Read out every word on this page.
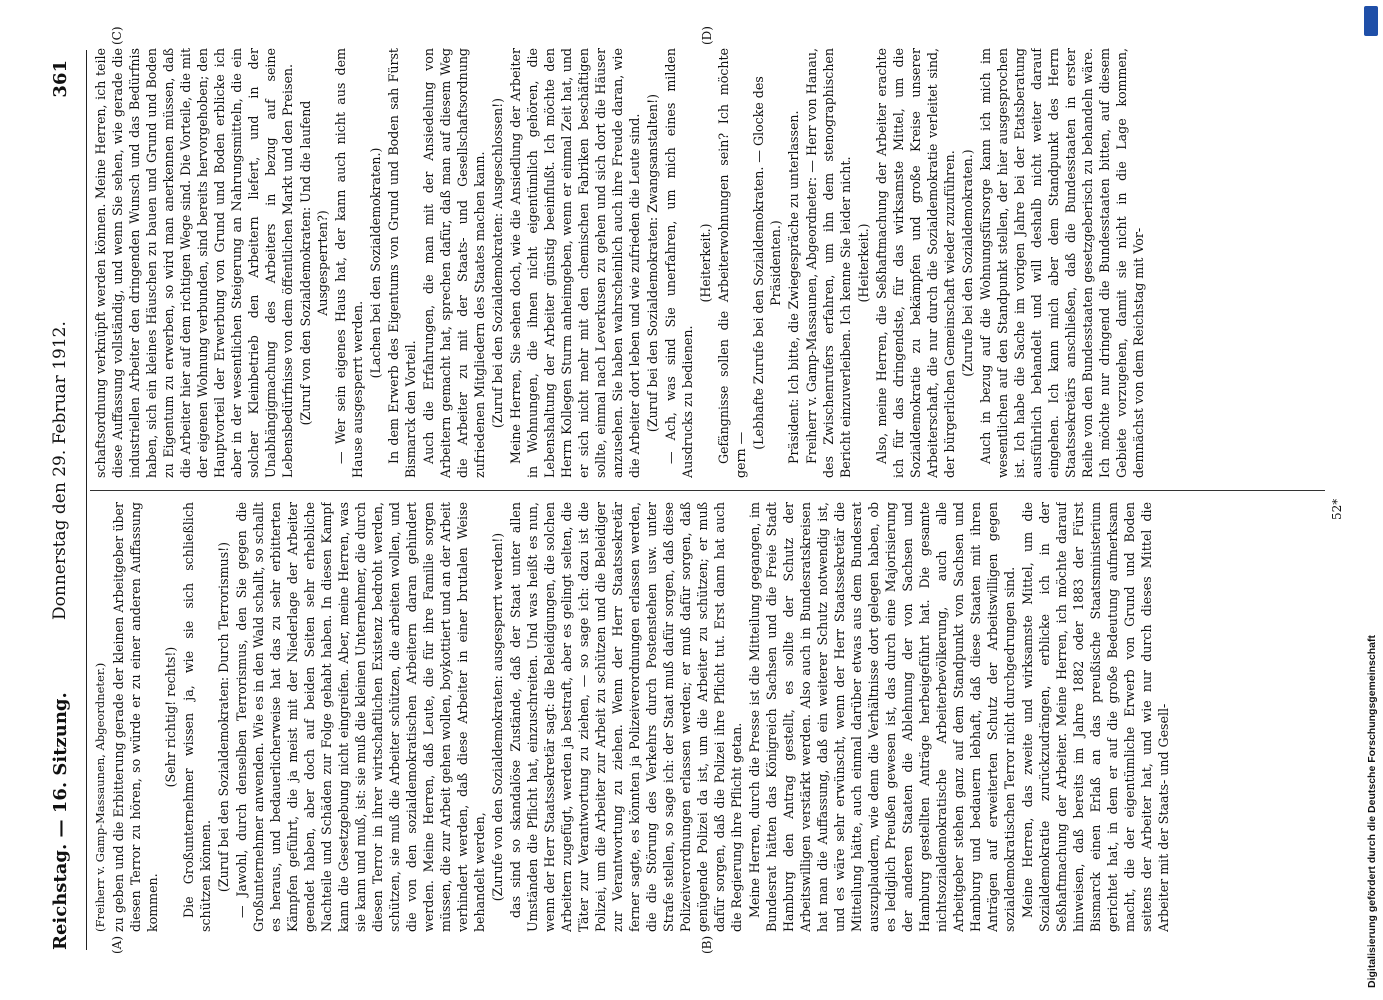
Reichstag. — 16. Sitzung.
Donnerstag den 29. Februar 1912.
361
(A)	(B)
(C)	(D)

(Freiherr v. Gamp-Massaunen, Abgeordneter.) zu geben und die Erbitterung gerade der kleinen Arbeitgeber über diesen Terror zu hören, so würde er zu einer anderen Auffassung kommen.

(Sehr richtig! rechts!) Die Großunternehmer wissen ja, wie sie sich schließlich schützen können. (Zuruf bei den Sozialdemokraten: Durch Terrorismus!) — Jawohl, durch denselben Terrorismus, den Sie gegen die Großunternehmer anwenden. Wie es in den Wald schallt, so schallt es heraus, und bedauerlicherweise hat das zu sehr erbitterten Kämpfen geführt, die ja meist mit der Niederlage der Arbeiter geendet haben, aber doch auf beiden Seiten sehr erhebliche Nachteile und Schäden zur Folge gehabt haben. In diesen Kampf kann die Gesetzgebung nicht eingreifen. Aber, meine Herren, was sie kann und muß, ist: sie muß die kleinen Unternehmer, die durch diesen Terror in ihrer wirtschaftlichen Existenz bedroht werden, schützen, sie muß die Arbeiter schützen, die arbeiten wollen, und die von den sozialdemokratischen Arbeitern daran gehindert werden. Meine Herren, daß Leute, die für ihre Familie sorgen müssen, die zur Arbeit gehen wollen, boykottiert und an der Arbeit verhindert werden, daß diese Arbeiter in einer brutalen Weise behandelt werden, (Zurufe von den Sozialdemokraten: ausgesperrt werden!) das sind so skandalöse Zustände, daß der Staat unter allen Umständen die Pflicht hat, einzuschreiten. Und was heißt es nun, wenn der Herr Staatssekretär sagt: die Beleidigungen, die solchen Arbeitern zugefügt, werden ja bestraft, aber es gelingt selten, die Täter zur Verantwortung zu ziehen, — so sage ich: dazu ist die Polizei, um die Arbeiter zur Arbeit zu schützen und die Beleidiger zur Verantwortung zu ziehen. Wenn der Herr Staatssekretär ferner sagte, es könnten ja Polizeiverordnungen erlassen werden, die die Störung des Verkehrs durch Postenstehen usw. unter Strafe stellen, so sage ich: der Staat muß dafür sorgen, daß diese Polizeiverordnungen erlassen werden; er muß dafür sorgen, daß genügende Polizei da ist, um die Arbeiter zu schützen; er muß dafür sorgen, daß die Polizei ihre Pflicht tut. Erst dann hat auch die Regierung ihre Pflicht getan. Meine Herren, durch die Presse ist die Mitteilung gegangen, im Bundesrat hätten das Königreich Sachsen und die Freie Stadt Hamburg den Antrag gestellt, es sollte der Schutz der Arbeitswilligen verstärkt werden. Also auch in Bundesratskreisen hat man die Auffassung, daß ein weiterer Schutz notwendig ist, und es wäre sehr erwünscht, wenn der Herr Staatssekretär die Mitteilung hätte, auch einmal darüber etwas aus dem Bundesrat auszuplaudern, wie denn die Verhältnisse dort gelegen haben, ob es lediglich Preußen gewesen ist, das durch eine Majorisierung der anderen Staaten die Ablehnung der von Sachsen und Hamburg gestellten Anträge herbeigeführt hat. Die gesamte nichtsozialdemokratische Arbeiterbevölkerung, auch alle Arbeitgeber stehen ganz auf dem Standpunkt von Sachsen und Hamburg und bedauern lebhaft, daß diese Staaten mit ihren Anträgen auf erweiterten Schutz der Arbeitswilligen gegen sozialdemokratischen Terror nicht durchgedrungen sind. Meine Herren, das zweite und wirksamste Mittel, um die Sozialdemokratie zurückzudrängen, erblicke ich in der Seßhaftmachung der Arbeiter. Meine Herren, ich möchte darauf hinweisen, daß bereits im Jahre 1882 oder 1883 der Fürst Bismarck einen Erlaß an das preußische Staatsministerium gerichtet hat, in dem er auf die große Bedeutung aufmerksam macht, die der eigentümliche Erwerb von Grund und Boden seitens der Arbeiter hat, und wie nur durch dieses Mittel die Arbeiter mit der Staats- und Gesell-

schaftsordnung verknüpft werden können. Meine Herren, ich teile diese Auffassung vollständig, und wenn Sie sehen, wie gerade die industriellen Arbeiter den dringenden Wunsch und das Bedürfnis haben, sich ein kleines Häuschen zu bauen und Grund und Boden zu Eigentum zu erwerben, so wird man anerkennen müssen, daß die Arbeiter hier auf dem richtigen Wege sind. Die Vorteile, die mit der eigenen Wohnung verbunden, sind bereits hervorgehoben; den Hauptvorteil der Erwerbung von Grund und Boden erblicke ich aber in der wesentlichen Steigerung an Nahrungsmitteln, die ein solcher Kleinbetrieb den Arbeitern liefert, und in der Unabhängigmachung des Arbeiters in bezug auf seine Lebensbedürfnisse von dem öffentlichen Markt und den Preisen. (Zuruf von den Sozialdemokraten: Und die laufend Ausgesperrten?) — Wer sein eigenes Haus hat, der kann auch nicht aus dem Hause ausgesperrt werden.

(Lachen bei den Sozialdemokraten.) In dem Erwerb des Eigentums von Grund und Boden sah Fürst Bismarck den Vorteil. Auch die Erfahrungen, die man mit der Ansiedelung von Arbeitern gemacht hat, sprechen dafür, daß man auf diesem Weg die Arbeiter zu mit der Staats- und Gesellschaftsordnung zufriedenen Mitgliedern des Staates machen kann. (Zuruf bei den Sozialdemokraten: Ausgeschlossen!) Meine Herren, Sie sehen doch, wie die Ansiedlung der Arbeiter in Wohnungen, die ihnen nicht eigentümlich gehören, die Lebenshaltung der Arbeiter günstig beeinflußt. Ich möchte den Herrn Kollegen Sturm anheimgeben, wenn er einmal Zeit hat, und er sich nicht mehr mit den chemischen Fabriken beschäftigen sollte, einmal nach Leverkusen zu gehen und sich dort die Häuser anzusehen. Sie haben wahrscheinlich auch ihre Freude daran, wie die Arbeiter dort leben und wie zufrieden die Leute sind. (Zuruf bei den Sozialdemokraten: Zwangsanstalten!) — Ach, was sind Sie unerfahren, um mich eines milden Ausdrucks zu bedienen.

(Heiterkeit.) Gefängnisse sollen die Arbeiterwohnungen sein? Ich möchte gern —

(Lebhafte Zurufe bei den Sozialdemokraten. — Glocke des Präsidenten.) Präsident: Ich bitte, die Zwiegespräche zu unterlassen. Freiherr v. Gamp-Massaunen, Abgeordneter: — Herr von Hanau, des Zwischenrufers erfahren, um ihn dem stenographischen Bericht einzuverleiben. Ich kenne Sie leider nicht. (Heiterkeit.) Also, meine Herren, die Seßhaftmachung der Arbeiter erachte ich für das dringendste, für das wirksamste Mittel, um die Sozialdemokratie zu bekämpfen und große Kreise unserer Arbeiterschaft, die nur durch die Sozialdemokratie verleitet sind, der bürgerlichen Gemeinschaft wieder zuzuführen. (Zurufe bei den Sozialdemokraten.) Auch in bezug auf die Wohnungsfürsorge kann ich mich im wesentlichen auf den Standpunkt stellen, der hier ausgesprochen ist. Ich habe die Sache im vorigen Jahre bei der Etatsberatung ausführlich behandelt und will deshalb nicht weiter darauf eingehen. Ich kann mich aber dem Standpunkt des Herrn Staatssekretärs anschließen, daß die Bundesstaaten in erster Reihe von den Bundesstaaten gesetzgeberisch zu behandeln wäre. Ich möchte nur dringend die Bundesstaaten bitten, auf diesem Gebiete vorzugehen, damit sie nicht in die Lage kommen, demnächst von dem Reichstag mit Vor-

52*
Digitalisierung gefördert durch die Deutsche Forschungsgemeinschaft
